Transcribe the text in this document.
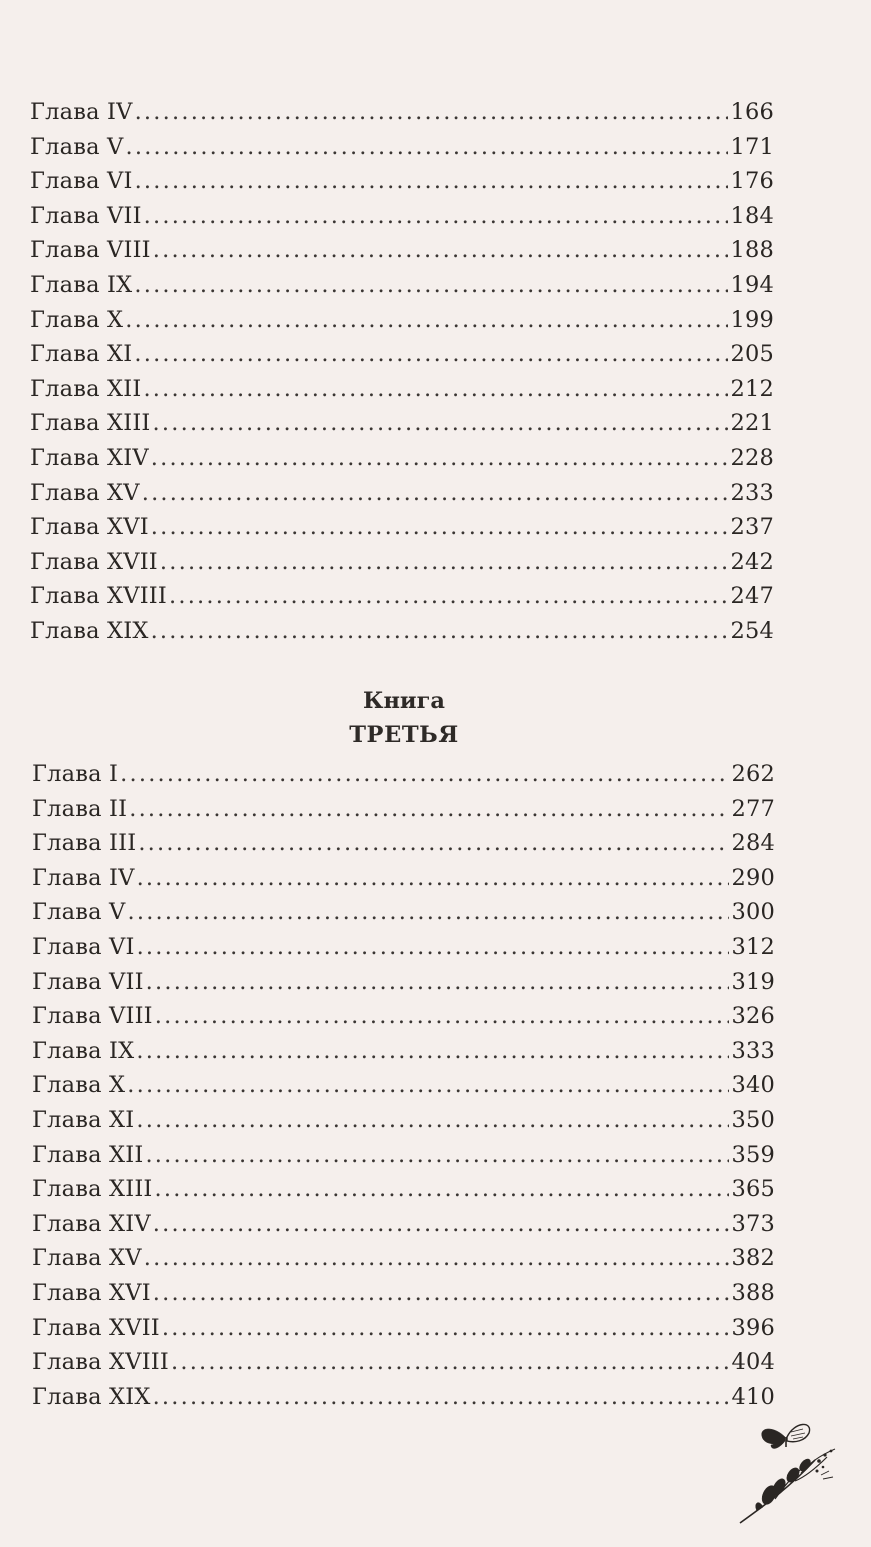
Глава IV .....	166
Глава V .....	171
Глава VI .....	176
Глава VII .....	184
Глава VIII .....	188
Глава IX .....	194
Глава X .....	199
Глава XI .....	205
Глава XII .....	212
Глава XIII .....	221
Глава XIV .....	228
Глава XV .....	233
Глава XVI .....	237
Глава XVII .....	242
Глава XVIII .....	247
Глава XIX .....	254
Книга
ТРЕТЬЯ
Глава I .....	262
Глава II .....	277
Глава III .....	284
Глава IV .....	290
Глава V .....	300
Глава VI .....	312
Глава VII .....	319
Глава VIII .....	326
Глава IX .....	333
Глава X .....	340
Глава XI .....	350
Глава XII .....	359
Глава XIII .....	365
Глава XIV .....	373
Глава XV .....	382
Глава XVI .....	388
Глава XVII .....	396
Глава XVIII .....	404
Глава XIX .....	410
